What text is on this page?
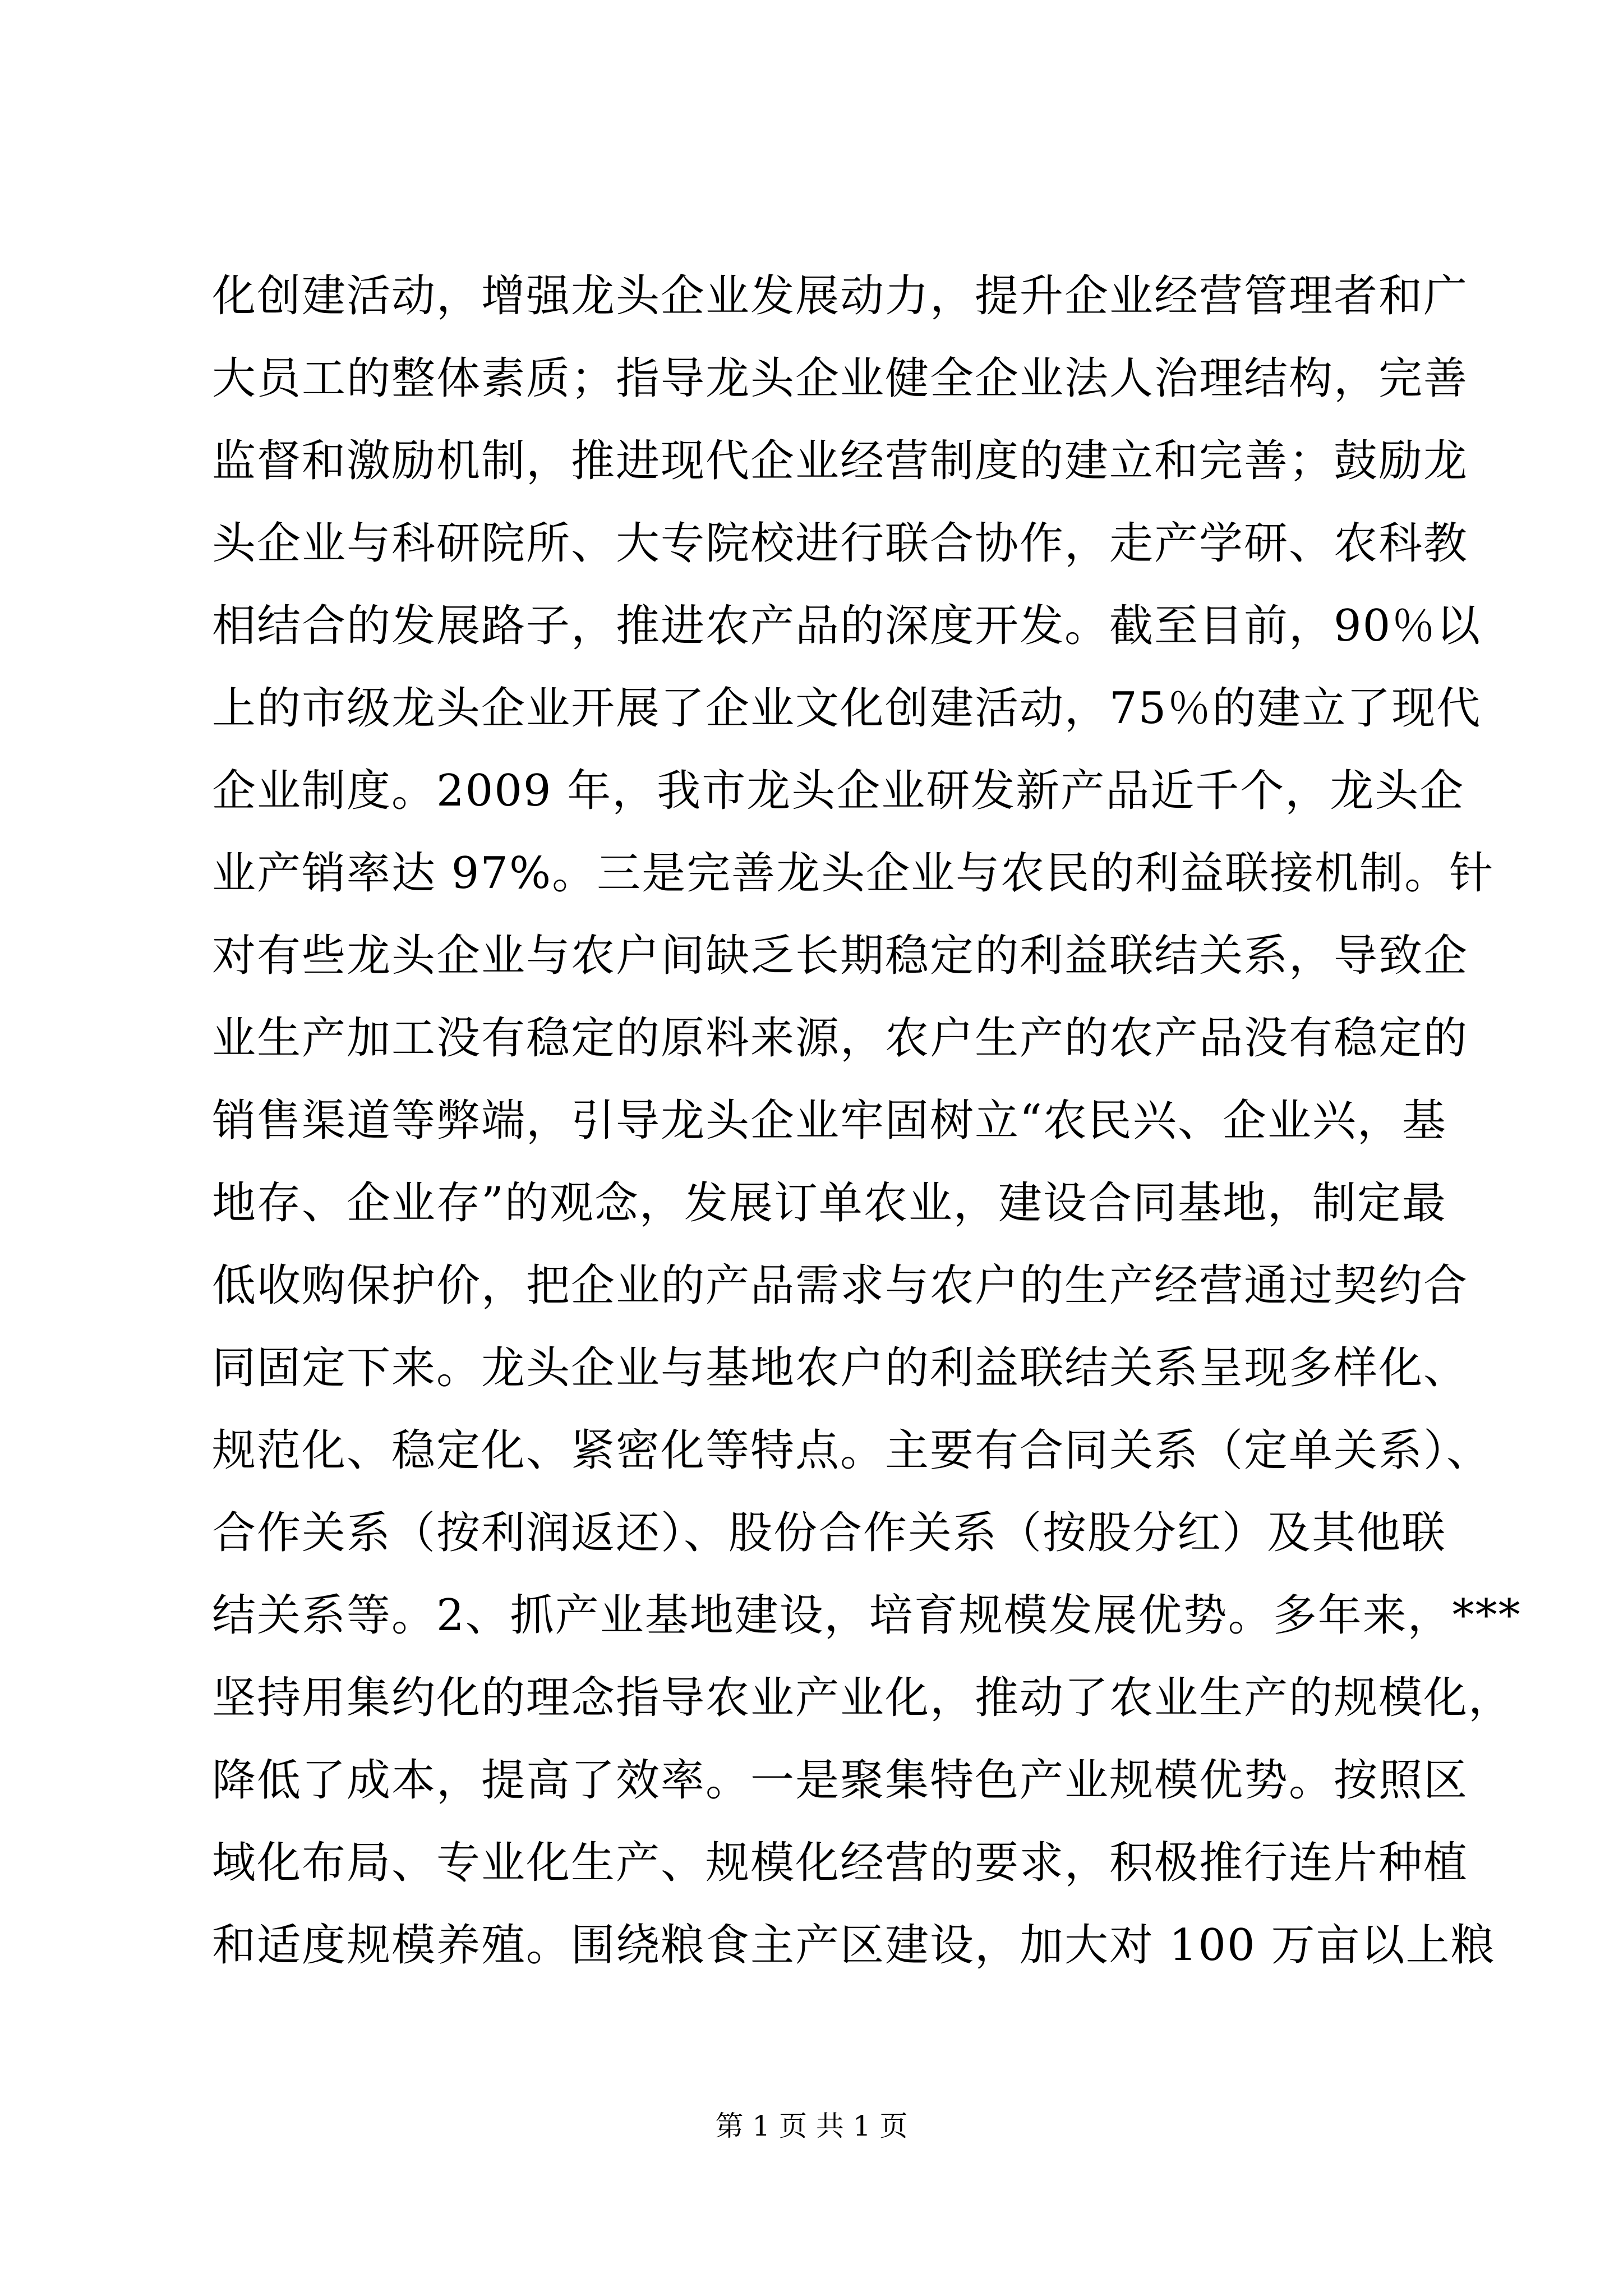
化创建活动，增强龙头企业发展动力，提升企业经营管理者和广
大员工的整体素质；指导龙头企业健全企业法人治理结构，完善
监督和激励机制，推进现代企业经营制度的建立和完善；鼓励龙
头企业与科研院所、大专院校进行联合协作，走产学研、农科教
相结合的发展路子，推进农产品的深度开发。截至目前，90％以
上的市级龙头企业开展了企业文化创建活动，75％的建立了现代
企业制度。2009 年，我市龙头企业研发新产品近千个，龙头企
业产销率达 97%。三是完善龙头企业与农民的利益联接机制。针
对有些龙头企业与农户间缺乏长期稳定的利益联结关系，导致企
业生产加工没有稳定的原料来源，农户生产的农产品没有稳定的
销售渠道等弊端，引导龙头企业牢固树立“农民兴、企业兴，基
地存、企业存”的观念，发展订单农业，建设合同基地，制定最
低收购保护价，把企业的产品需求与农户的生产经营通过契约合
同固定下来。龙头企业与基地农户的利益联结关系呈现多样化、
规范化、稳定化、紧密化等特点。主要有合同关系（定单关系）、
合作关系（按利润返还）、股份合作关系（按股分红）及其他联
结关系等。2、抓产业基地建设，培育规模发展优势。多年来，***
坚持用集约化的理念指导农业产业化，推动了农业生产的规模化，
降低了成本，提高了效率。一是聚集特色产业规模优势。按照区
域化布局、专业化生产、规模化经营的要求，积极推行连片种植
和适度规模养殖。围绕粮食主产区建设，加大对 100 万亩以上粮
第 1 页 共 1 页
